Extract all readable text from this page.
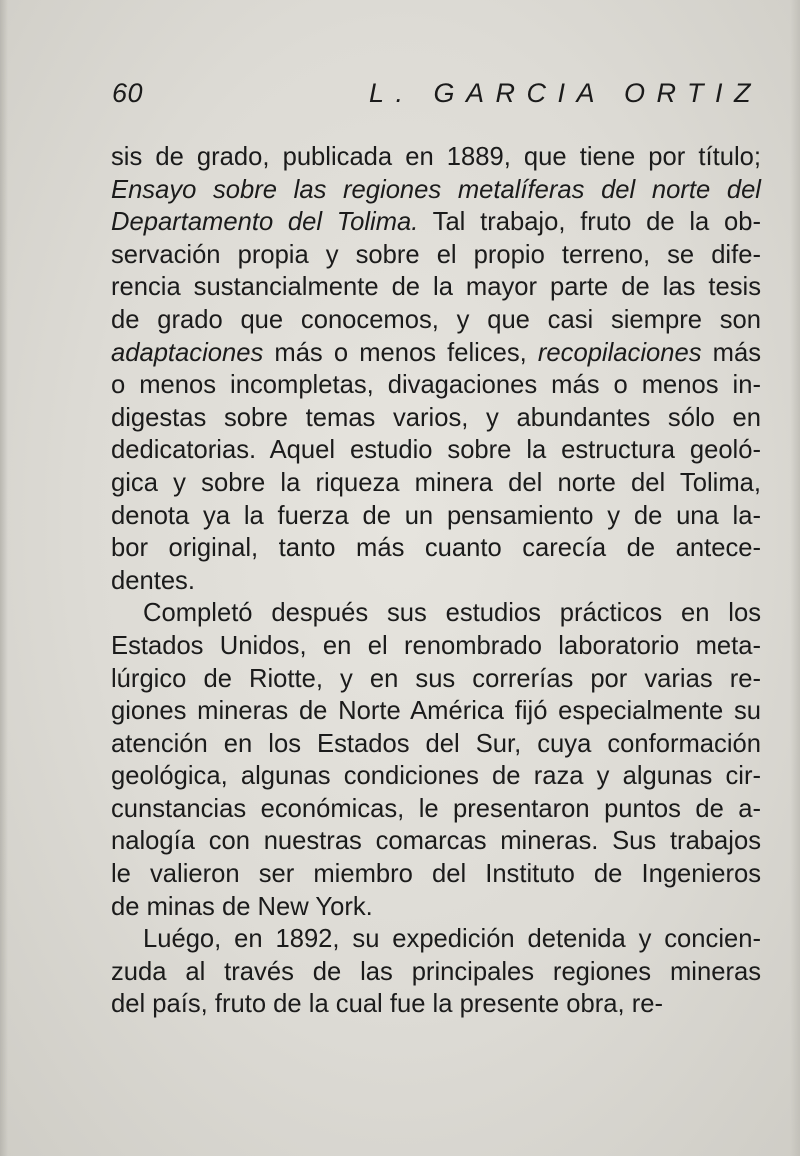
60	L. GARCIA ORTIZ
sis de grado, publicada en 1889, que tiene por título;
Ensayo sobre las regiones metalíferas del norte del
Departamento del Tolima. Tal trabajo, fruto de la ob-
servación propia y sobre el propio terreno, se dife-
rencia sustancialmente de la mayor parte de las tesis
de grado que conocemos, y que casi siempre son
adaptaciones más o menos felices, recopilaciones más
o menos incompletas, divagaciones más o menos in-
digestas sobre temas varios, y abundantes sólo en
dedicatorias. Aquel estudio sobre la estructura geoló-
gica y sobre la riqueza minera del norte del Tolima,
denota ya la fuerza de un pensamiento y de una la-
bor original, tanto más cuanto carecía de antece-
dentes.
Completó después sus estudios prácticos en los
Estados Unidos, en el renombrado laboratorio meta-
lúrgico de Riotte, y en sus correrías por varias re-
giones mineras de Norte América fijó especialmente su
atención en los Estados del Sur, cuya conformación
geológica, algunas condiciones de raza y algunas cir-
cunstancias económicas, le presentaron puntos de a-
nalogía con nuestras comarcas mineras. Sus trabajos
le valieron ser miembro del Instituto de Ingenieros
de minas de New York.
Luégo, en 1892, su expedición detenida y concien-
zuda al través de las principales regiones mineras
del país, fruto de la cual fue la presente obra, re-
